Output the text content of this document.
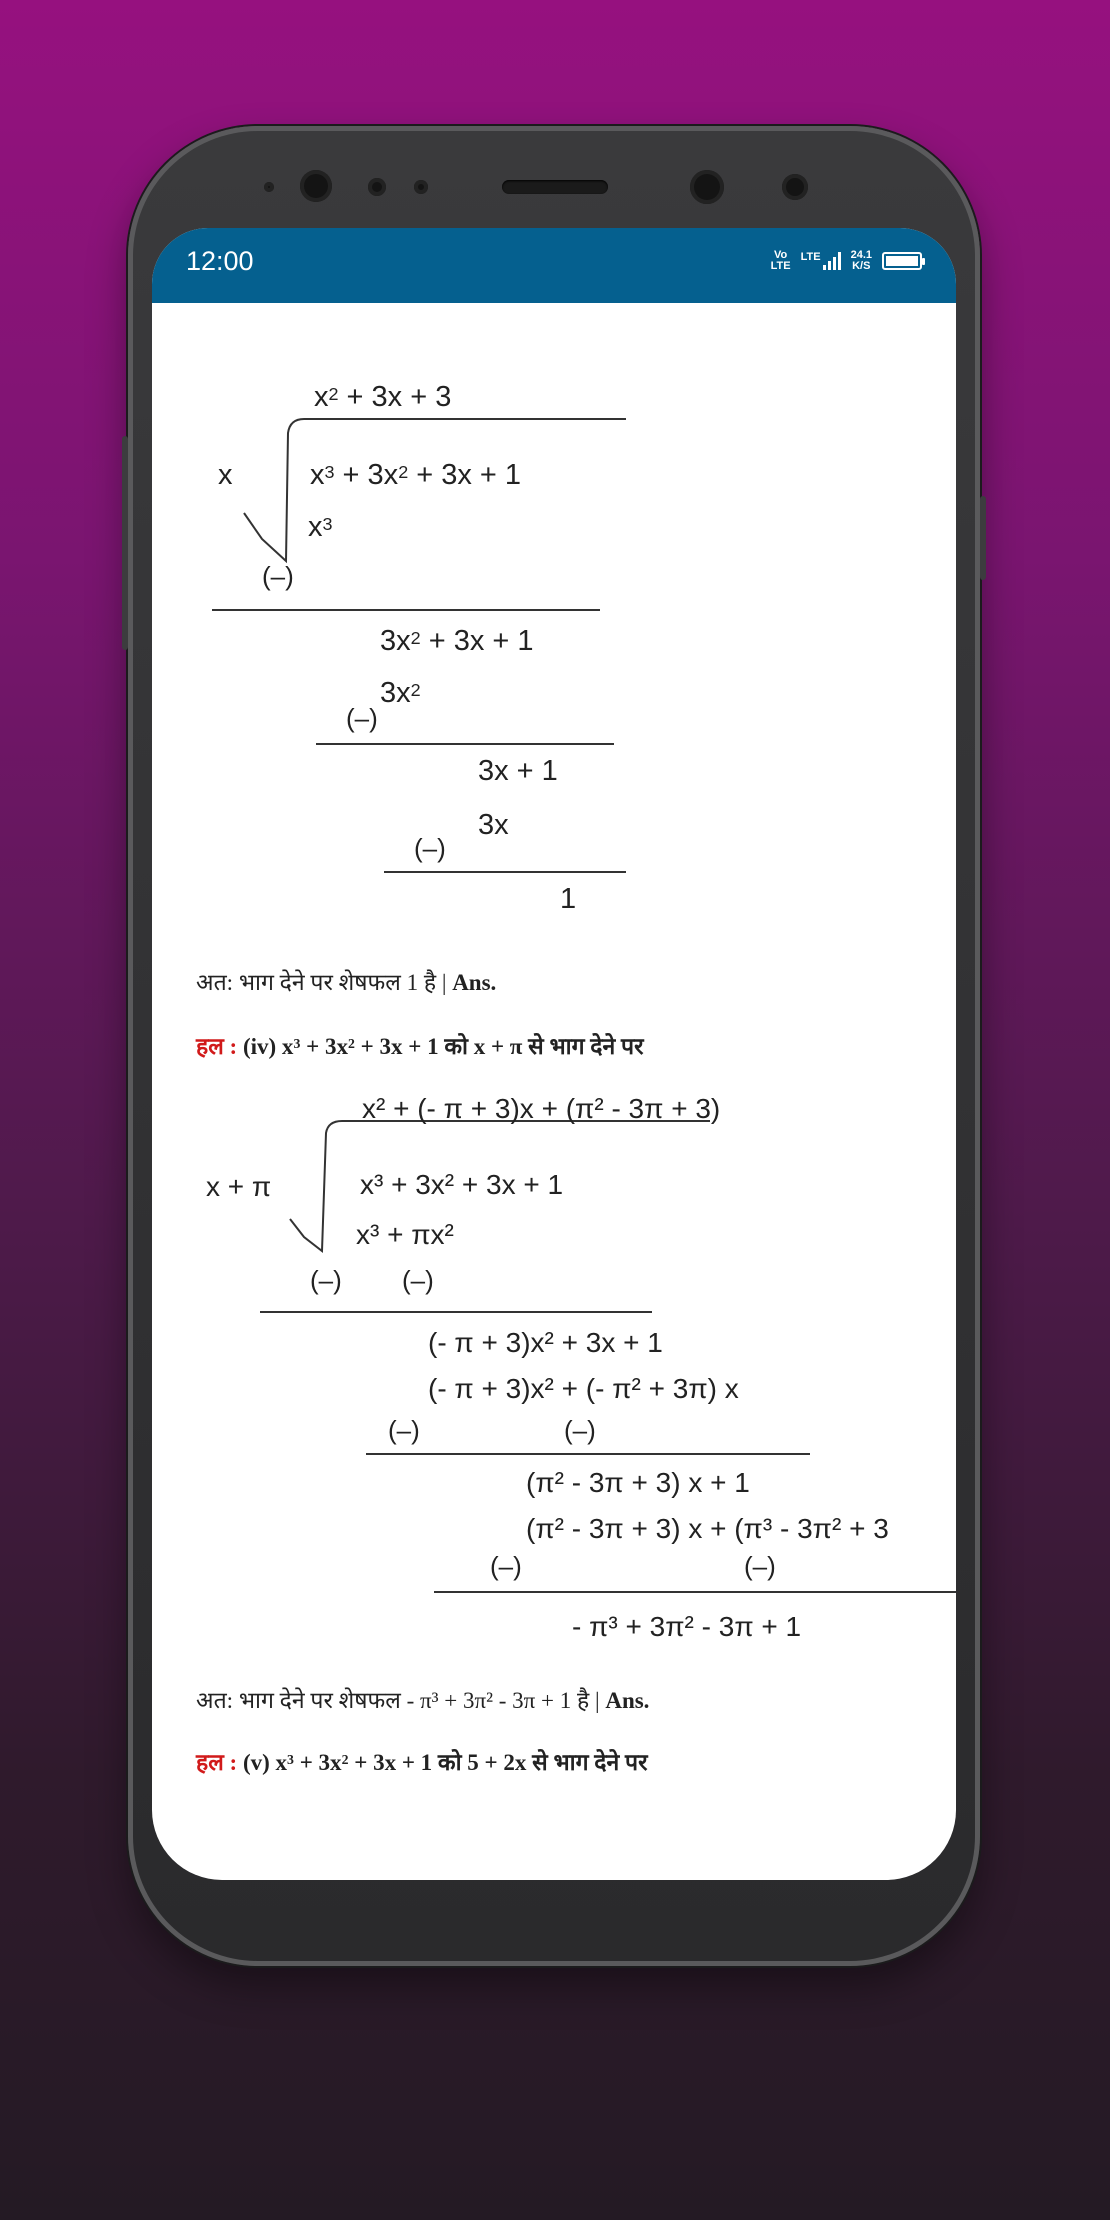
12:00	Vo
LTE
LTE	24.1
K/S
$x^2 + 3x + 3$
x	$x^3 + 3x^2 + 3x + 1$
$x^3$
(–)
$3x^2 + 3x + 1$
$3x^2$
(–)
3x + 1
3x
(–)
1
अत: भाग देने पर शेषफल 1 है | Ans.
हल : (iv) $x^3 + 3x^2 + 3x + 1$ को x + π से भाग देने पर
x² + (- π + 3)x + (π² - 3π + 3)
x + π	x³ + 3x² + 3x + 1
x³ + πx²
(–) (–)
(- π + 3)x² + 3x + 1
(- π + 3)x² + (- π² + 3π) x
(–)	(–)
(π² - 3π + 3) x + 1
(π² - 3π + 3) x + (π³ - 3π² + 3
(–)	(–)
- π³ + 3π² - 3π + 1
अत: भाग देने पर शेषफल - π³ + 3π² - 3π + 1 है | Ans.
हल : (v) $x^3 + 3x^2 + 3x + 1$ को 5 + 2x से भाग देने पर
